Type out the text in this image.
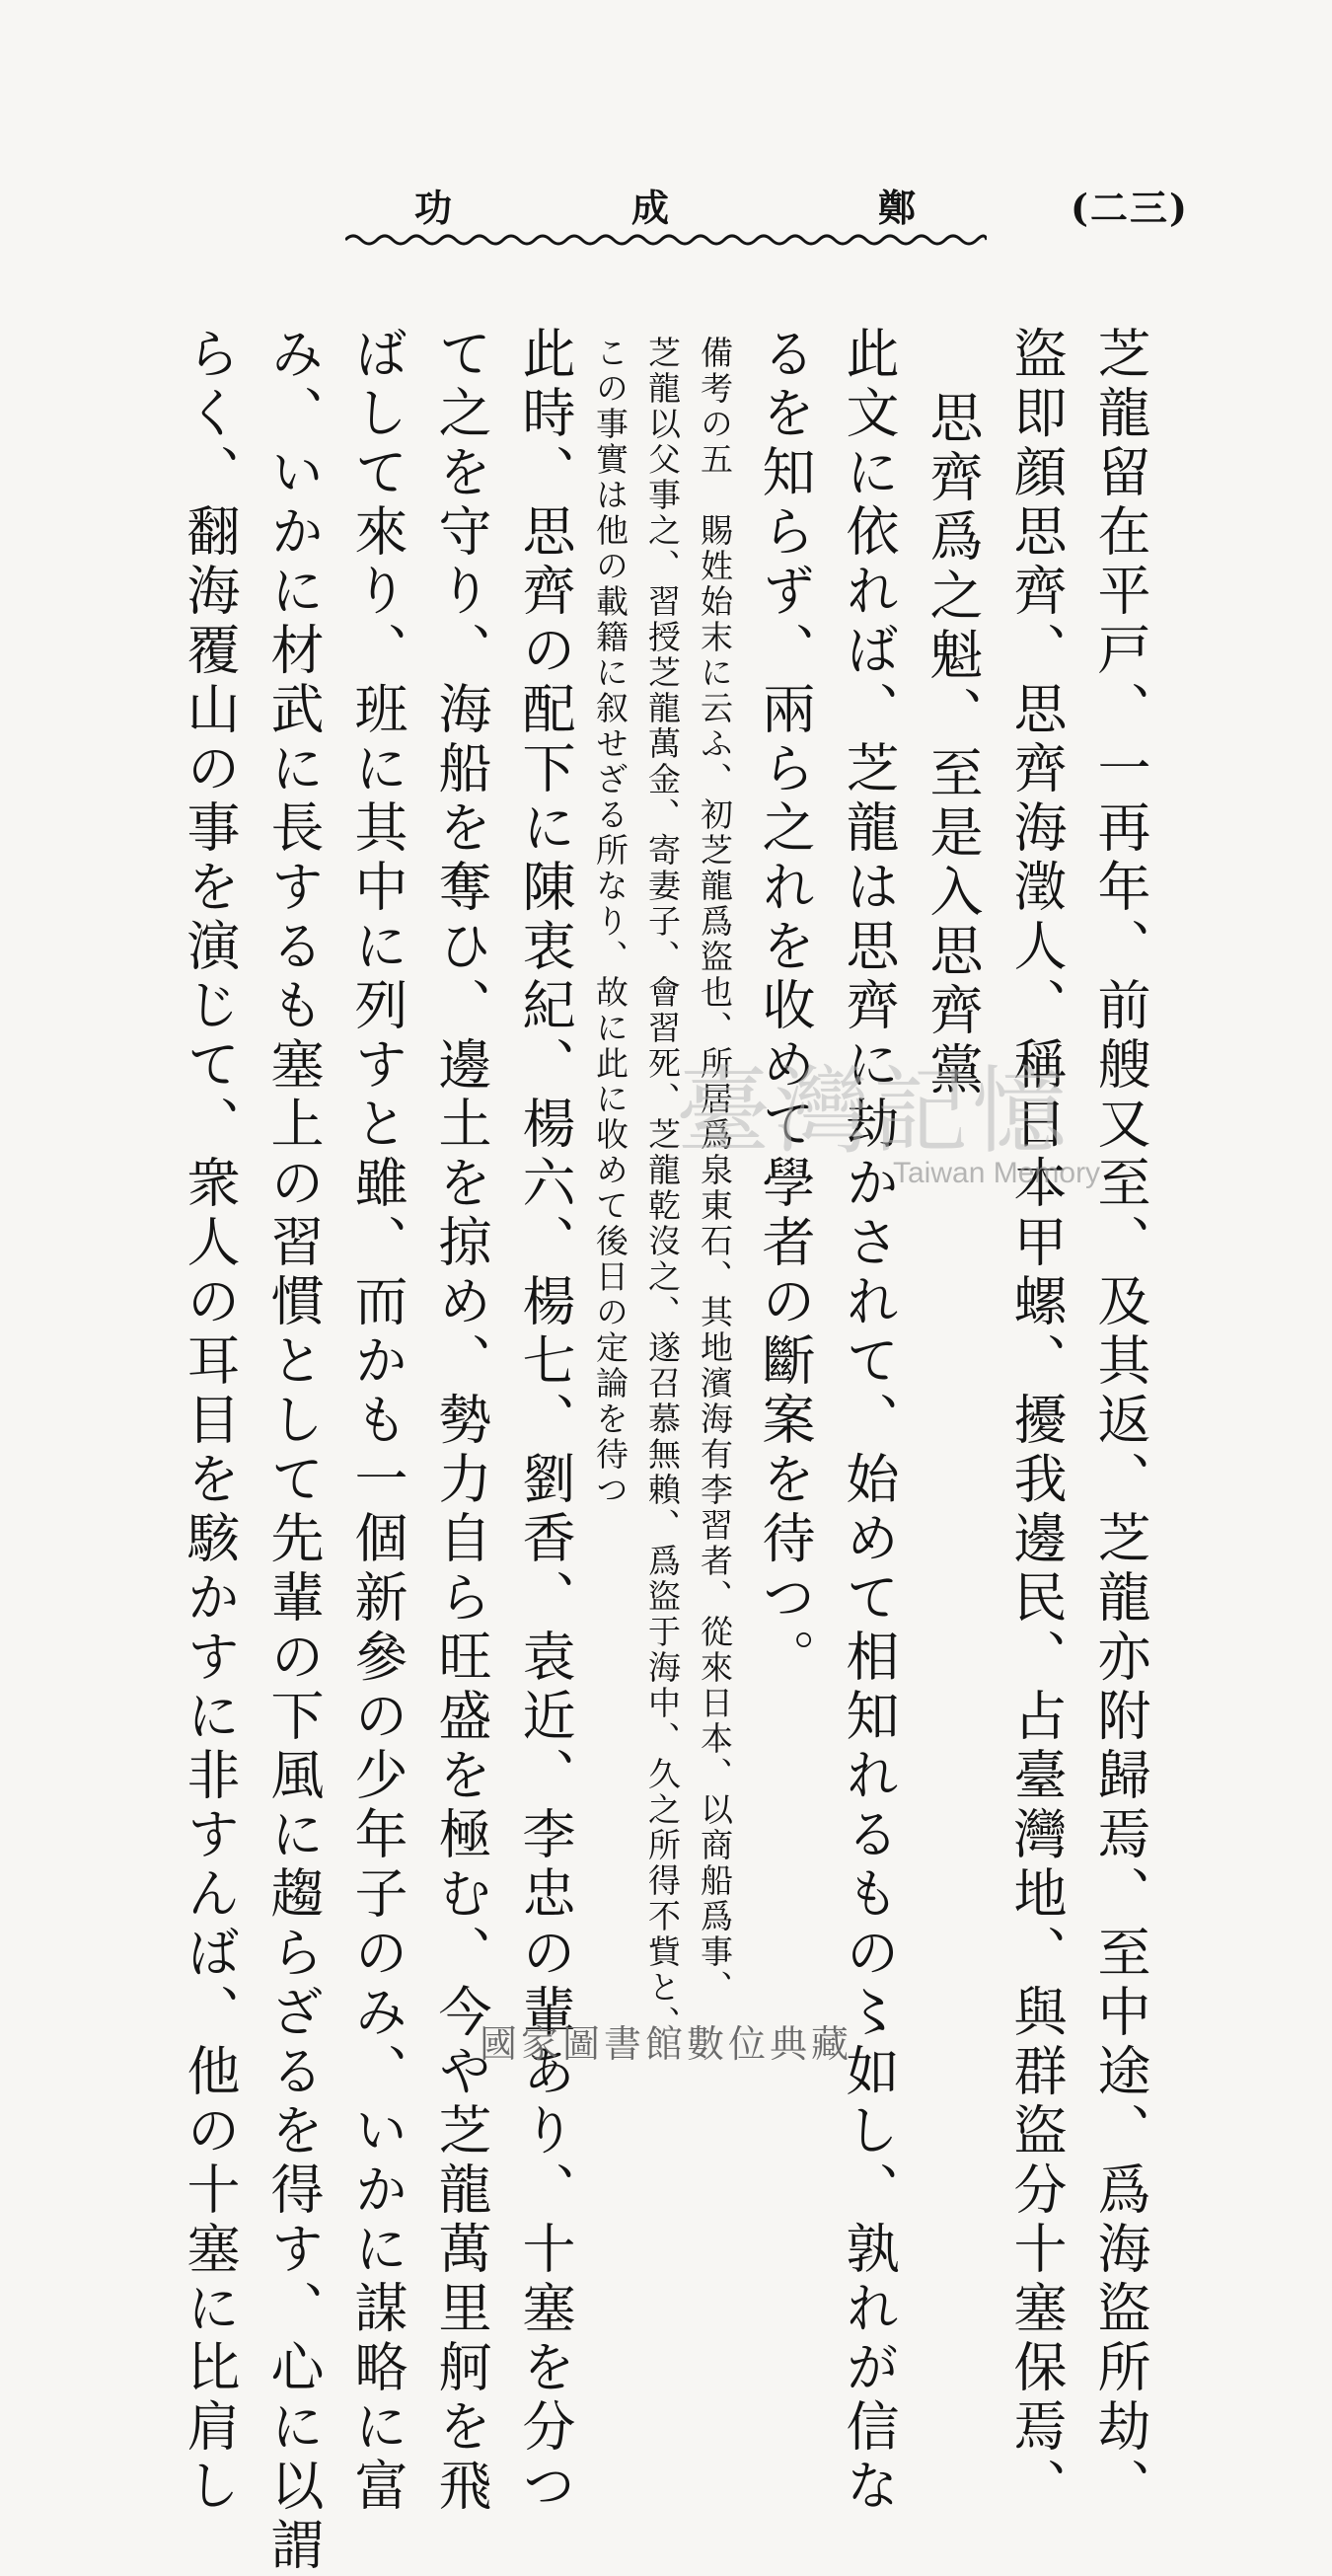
(二三)
鄭
成
功
芝龍留在平戸、一再年、前艘又至、及其返、芝龍亦附歸焉、至中途、爲海盜所劫、
盜即顔思齊、思齊海澂人、稱日本甲螺、擾我邊民、占臺灣地、與群盜分十塞保焉、
思齊爲之魁、至是入思齊黨
此文に依れば、芝龍は思齊に劫かされて、始めて相知れるもの〻如し、孰れが信な
るを知らず、兩ら之れを收めて學者の斷案を待つ。
備考の五　賜姓始末に云ふ、初芝龍爲盜也、所居爲泉東石、其地濱海有李習者、從來日本、以商船爲事、
芝龍以父事之、習授芝龍萬金、寄妻子、會習死、芝龍乾沒之、遂召慕無賴、爲盜于海中、久之所得不貲と、
この事實は他の載籍に叙せざる所なり、故に此に收めて後日の定論を待つ
此時、思齊の配下に陳衷紀、楊六、楊七、劉香、袁近、李忠の輩あり、十塞を分つ
て之を守り、海船を奪ひ、邊土を掠め、勢力自ら旺盛を極む、今や芝龍萬里舸を飛
ばして來り、班に其中に列すと雖、而かも一個新參の少年子のみ、いかに謀略に富
み、いかに材武に長するも塞上の習慣として先輩の下風に趨らざるを得す、心に以謂
らく、翻海覆山の事を演じて、衆人の耳目を駭かすに非すんば、他の十塞に比肩し	臺灣記憶
Taiwan Memory
國家圖書館數位典藏
